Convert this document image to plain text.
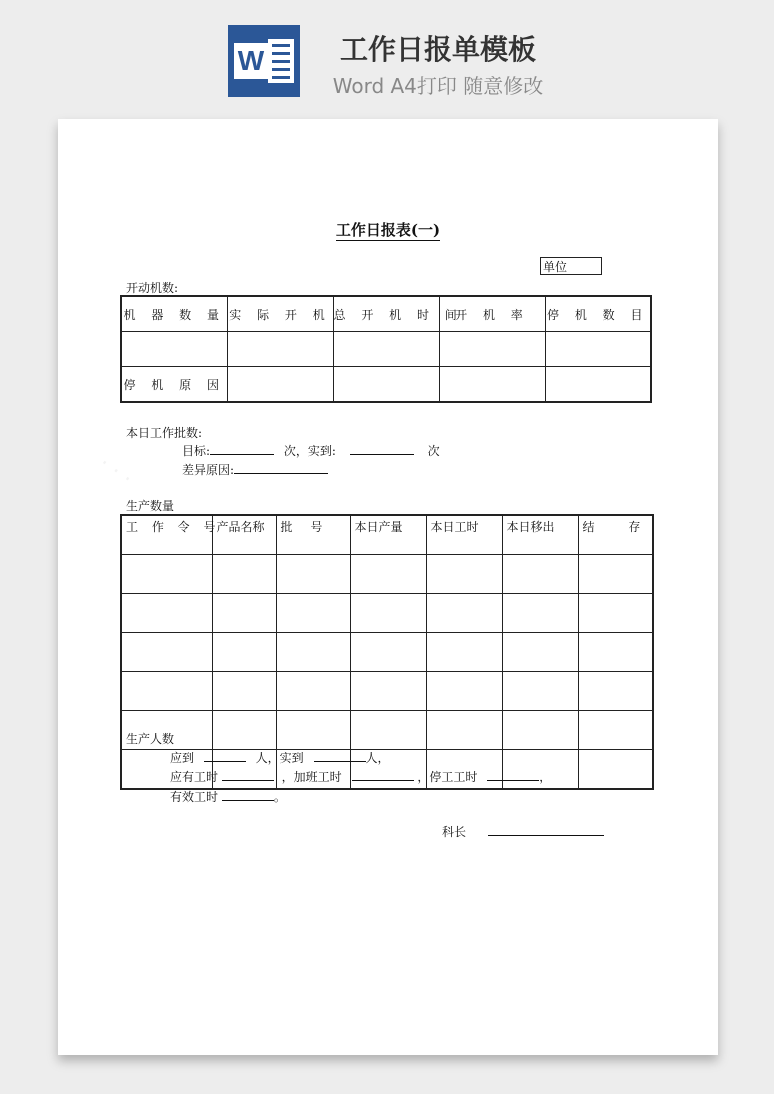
W	工作日报单模板
Word A4打印 随意修改
· · ·
工作日报表(一)
单位
开动机数:
机 器 数 量	实 际 开 机	总 开 机 时 间	开 机 率	停 机 数 目

停 机 原 因				
本日工作批数:
目标:	次，实到:	次
差异原因:
生产数量
工 作 令 号	产品名称	批 号	本日产量	本日工时	本日移出	结 存

生产人数
应到	人，实到	人，
应有工时	，加班工时	，停工工时	，
有效工时	。
科长
